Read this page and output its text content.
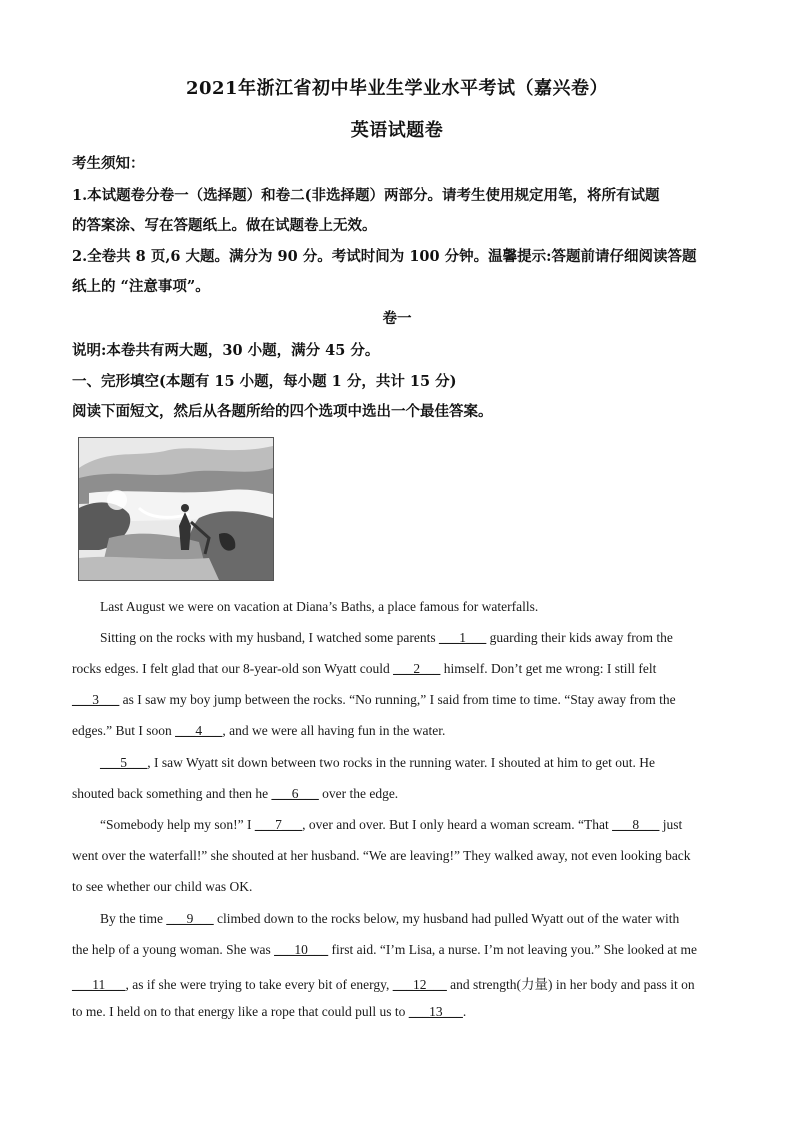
2021年浙江省初中毕业生学业水平考试（嘉兴卷）
英语试题卷
考生须知：
1.本试题卷分卷一（选择题）和卷二(非选择题）两部分。请考生使用规定用笔，将所有试题
的答案涂、写在答题纸上。做在试题卷上无效。
2.全卷共 8 页,6 大题。满分为 90 分。考试时间为 100 分钟。温馨提示:答题前请仔细阅读答题
纸上的 “注意事项”。
卷一
说明:本卷共有两大题，30 小题，满分 45 分。
一、完形填空(本题有 15 小题，每小题 1 分，共计 15 分)
阅读下面短文，然后从各题所给的四个选项中选出一个最佳答案。
Last August we were on vacation at Diana’s Baths, a place famous for waterfalls.
Sitting on the rocks with my husband, I watched some parents ___1___ guarding their kids away from the
rocks edges. I felt glad that our 8-year-old son Wyatt could ___2___ himself. Don’t get me wrong: I still felt
___3___ as I saw my boy jump between the rocks. “No running,” I said from time to time. “Stay away from the
edges.” But I soon ___4___, and we were all having fun in the water.
___5___, I saw Wyatt sit down between two rocks in the running water. I shouted at him to get out. He
shouted back something and then he ___6___ over the edge.
“Somebody help my son!” I ___7___, over and over. But I only heard a woman scream. “That ___8___ just
went over the waterfall!” she shouted at her husband. “We are leaving!” They walked away, not even looking back
to see whether our child was OK.
By the time ___9___ climbed down to the rocks below, my husband had pulled Wyatt out of the water with
the help of a young woman. She was ___10___ first aid. “I’m Lisa, a nurse. I’m not leaving you.” She looked at me
___11___, as if she were trying to take every bit of energy, ___12___ and strength(力量) in her body and pass it on
to me. I held on to that energy like a rope that could pull us to ___13___.
